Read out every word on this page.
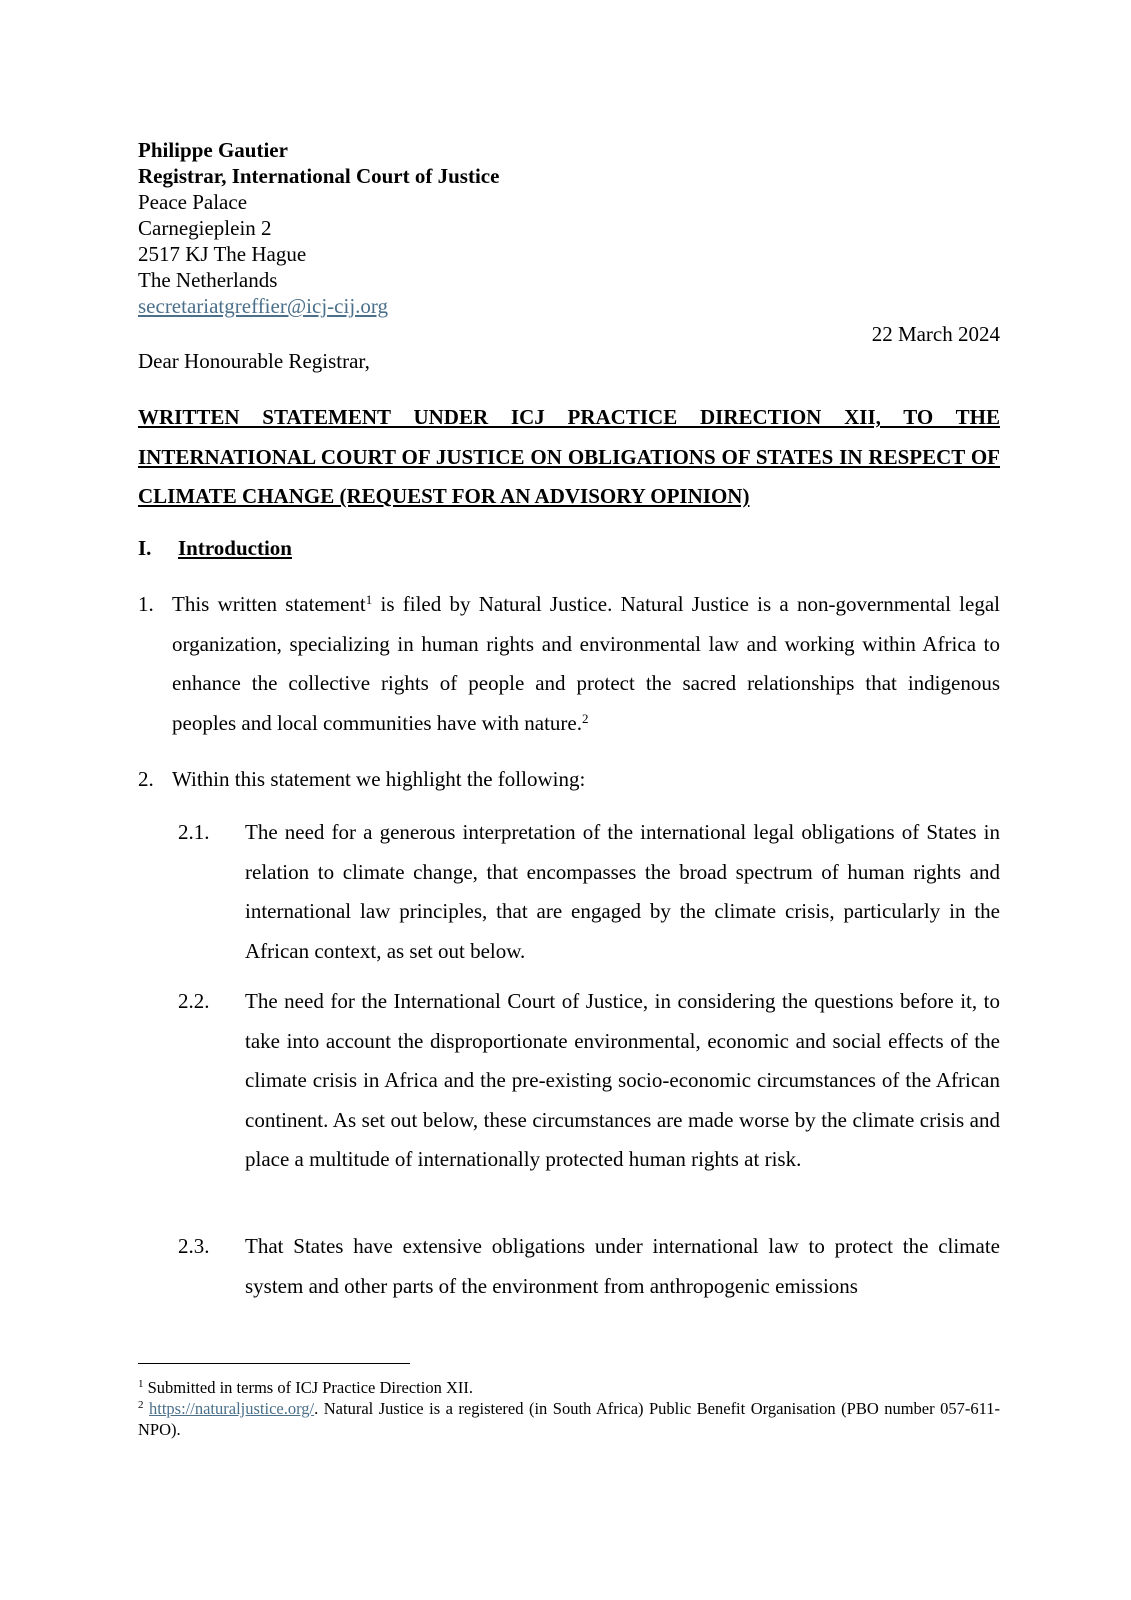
Philippe Gautier
Registrar, International Court of Justice
Peace Palace
Carnegieplein 2
2517 KJ The Hague
The Netherlands
secretariatgreffier@icj-cij.org
22 March 2024
Dear Honourable Registrar,
WRITTEN STATEMENT UNDER ICJ PRACTICE DIRECTION XII, TO THE INTERNATIONAL COURT OF JUSTICE ON OBLIGATIONS OF STATES IN RESPECT OF CLIMATE CHANGE (REQUEST FOR AN ADVISORY OPINION)
I. Introduction
1. This written statement$^1$ is filed by Natural Justice. Natural Justice is a non-governmental legal organization, specializing in human rights and environmental law and working within Africa to enhance the collective rights of people and protect the sacred relationships that indigenous peoples and local communities have with nature.$^2$
2. Within this statement we highlight the following:
2.1. The need for a generous interpretation of the international legal obligations of States in relation to climate change, that encompasses the broad spectrum of human rights and international law principles, that are engaged by the climate crisis, particularly in the African context, as set out below.
2.2. The need for the International Court of Justice, in considering the questions before it, to take into account the disproportionate environmental, economic and social effects of the climate crisis in Africa and the pre-existing socio-economic circumstances of the African continent. As set out below, these circumstances are made worse by the climate crisis and place a multitude of internationally protected human rights at risk.
2.3. That States have extensive obligations under international law to protect the climate system and other parts of the environment from anthropogenic emissions
$^1$ Submitted in terms of ICJ Practice Direction XII.
$^2$ https://naturaljustice.org/. Natural Justice is a registered (in South Africa) Public Benefit Organisation (PBO number 057-611-NPO).
